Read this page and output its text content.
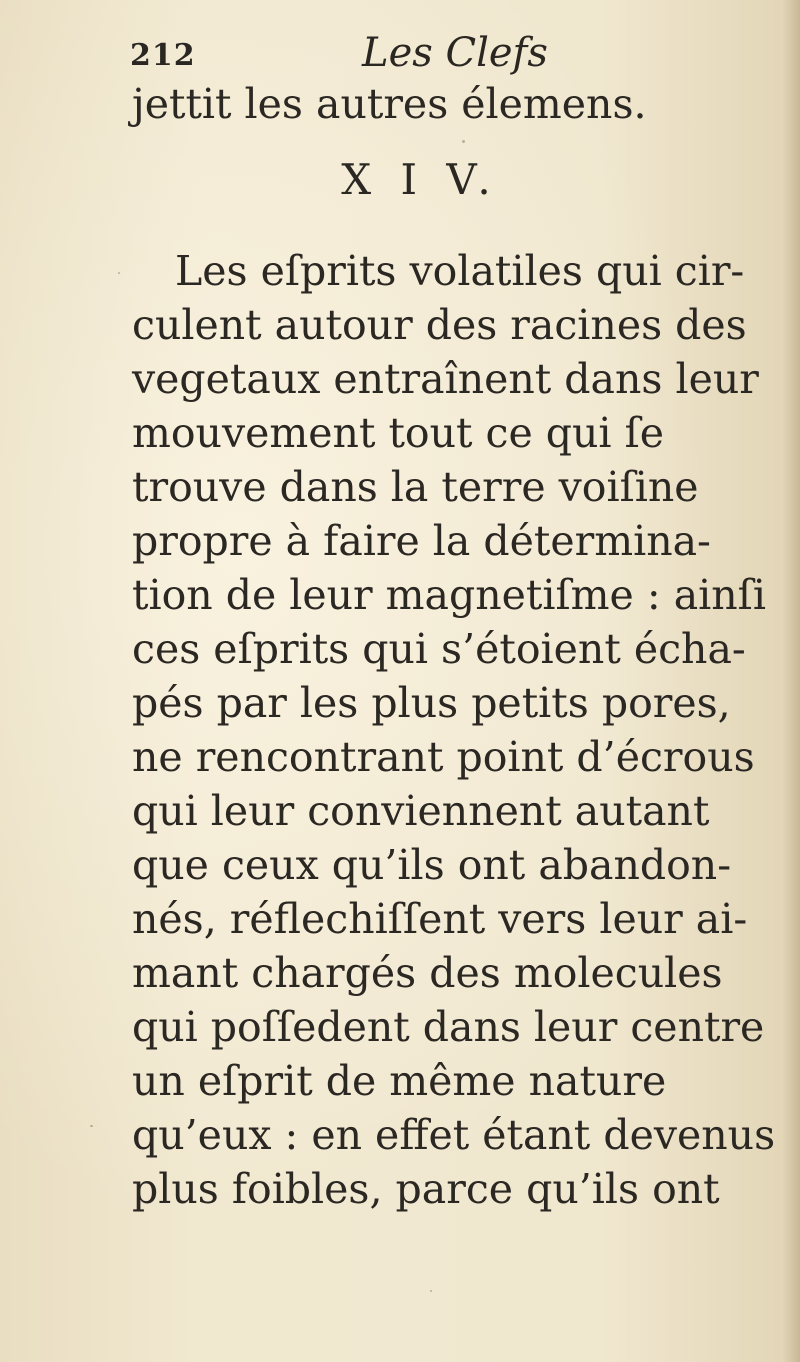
212	Les Clefs
jettit les autres élemens.
X I V.
Les eſprits volatiles qui cir-
culent autour des racines des
vegetaux entraînent dans leur
mouvement tout ce qui ſe
trouve dans la terre voiſine
propre à faire la détermina-
tion de leur magnetiſme : ainſi
ces eſprits qui s’étoient écha-
pés par les plus petits pores,
ne rencontrant point d’écrous
qui leur conviennent autant
que ceux qu’ils ont abandon-
nés, réflechiſſent vers leur ai-
mant chargés des molecules
qui poſſedent dans leur centre
un eſprit de même nature
qu’eux : en effet étant devenus
plus foibles, parce qu’ils ont
